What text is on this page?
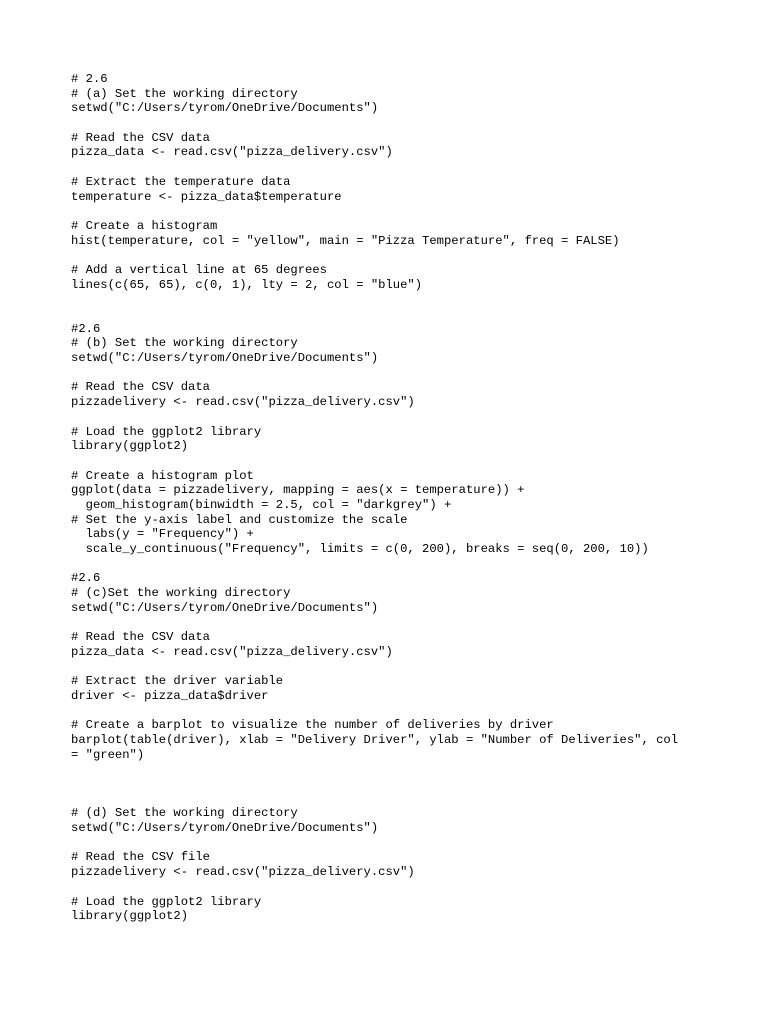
# 2.6
# (a) Set the working directory
setwd("C:/Users/tyrom/OneDrive/Documents")
# Read the CSV data
pizza_data <- read.csv("pizza_delivery.csv")
# Extract the temperature data
temperature <- pizza_data$temperature
# Create a histogram
hist(temperature, col = "yellow", main = "Pizza Temperature", freq = FALSE)
# Add a vertical line at 65 degrees
lines(c(65, 65), c(0, 1), lty = 2, col = "blue")
#2.6
# (b) Set the working directory
setwd("C:/Users/tyrom/OneDrive/Documents")
# Read the CSV data
pizzadelivery <- read.csv("pizza_delivery.csv")
# Load the ggplot2 library
library(ggplot2)
# Create a histogram plot
ggplot(data = pizzadelivery, mapping = aes(x = temperature)) +
geom_histogram(binwidth = 2.5, col = "darkgrey") +
# Set the y-axis label and customize the scale
labs(y = "Frequency") +
scale_y_continuous("Frequency", limits = c(0, 200), breaks = seq(0, 200, 10))
#2.6
# (c)Set the working directory
setwd("C:/Users/tyrom/OneDrive/Documents")
# Read the CSV data
pizza_data <- read.csv("pizza_delivery.csv")
# Extract the driver variable
driver <- pizza_data$driver
# Create a barplot to visualize the number of deliveries by driver
barplot(table(driver), xlab = "Delivery Driver", ylab = "Number of Deliveries", col
= "green")
# (d) Set the working directory
setwd("C:/Users/tyrom/OneDrive/Documents")
# Read the CSV file
pizzadelivery <- read.csv("pizza_delivery.csv")
# Load the ggplot2 library
library(ggplot2)
